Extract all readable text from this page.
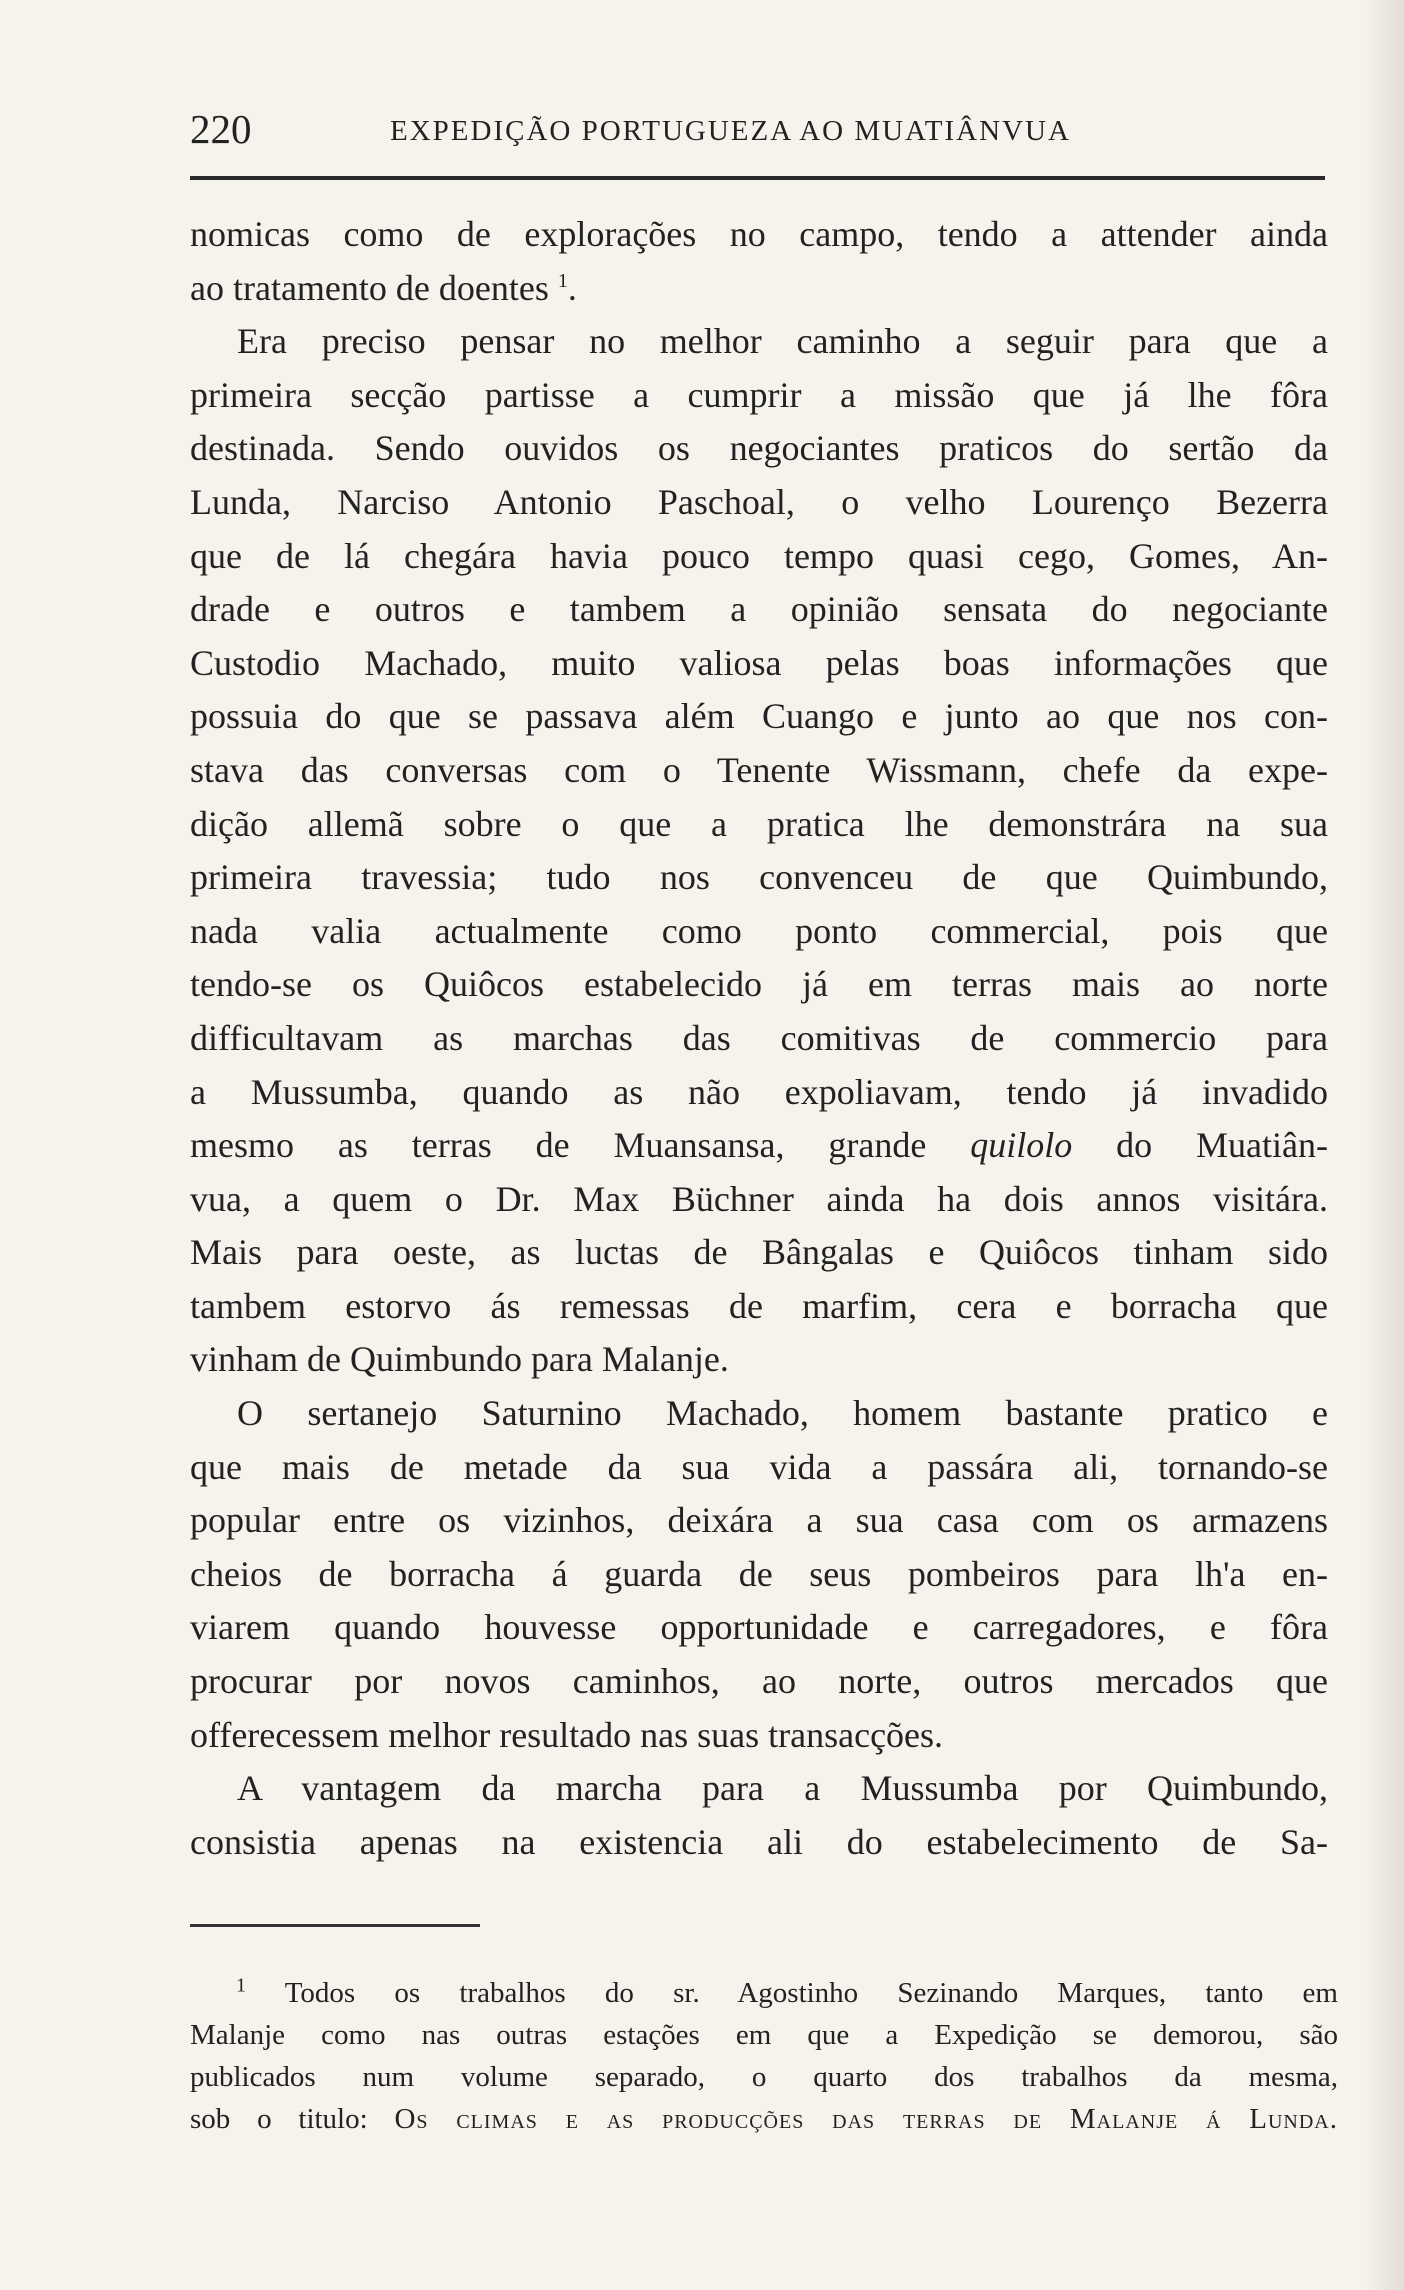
220	EXPEDIÇÃO PORTUGUEZA AO MUATIÂNVUA
nomicas como de explorações no campo, tendo a attender ainda
ao tratamento de doentes $^1$.
Era preciso pensar no melhor caminho a seguir para que a
primeira secção partisse a cumprir a missão que já lhe fôra
destinada. Sendo ouvidos os negociantes praticos do sertão da
Lunda, Narciso Antonio Paschoal, o velho Lourenço Bezerra
que de lá chegára havia pouco tempo quasi cego, Gomes, An-
drade e outros e tambem a opinião sensata do negociante
Custodio Machado, muito valiosa pelas boas informações que
possuia do que se passava além Cuango e junto ao que nos con-
stava das conversas com o Tenente Wissmann, chefe da expe-
dição allemã sobre o que a pratica lhe demonstrára na sua
primeira travessia; tudo nos convenceu de que Quimbundo,
nada valia actualmente como ponto commercial, pois que
tendo-se os Quiôcos estabelecido já em terras mais ao norte
difficultavam as marchas das comitivas de commercio para
a Mussumba, quando as não expoliavam, tendo já invadido
mesmo as terras de Muansansa, grande quilolo do Muatiân-
vua, a quem o Dr. Max Büchner ainda ha dois annos visitára.
Mais para oeste, as luctas de Bângalas e Quiôcos tinham sido
tambem estorvo ás remessas de marfim, cera e borracha que
vinham de Quimbundo para Malanje.
O sertanejo Saturnino Machado, homem bastante pratico e
que mais de metade da sua vida a passára ali, tornando-se
popular entre os vizinhos, deixára a sua casa com os armazens
cheios de borracha á guarda de seus pombeiros para lh'a en-
viarem quando houvesse opportunidade e carregadores, e fôra
procurar por novos caminhos, ao norte, outros mercados que
offerecessem melhor resultado nas suas transacções.
A vantagem da marcha para a Mussumba por Quimbundo,
consistia apenas na existencia ali do estabelecimento de Sa-
$^1$ Todos os trabalhos do sr. Agostinho Sezinando Marques, tanto em
Malanje como nas outras estações em que a Expedição se demorou, são
publicados num volume separado, o quarto dos trabalhos da mesma,
sob o titulo: Os climas e as producções das terras de Malanje á Lunda.
